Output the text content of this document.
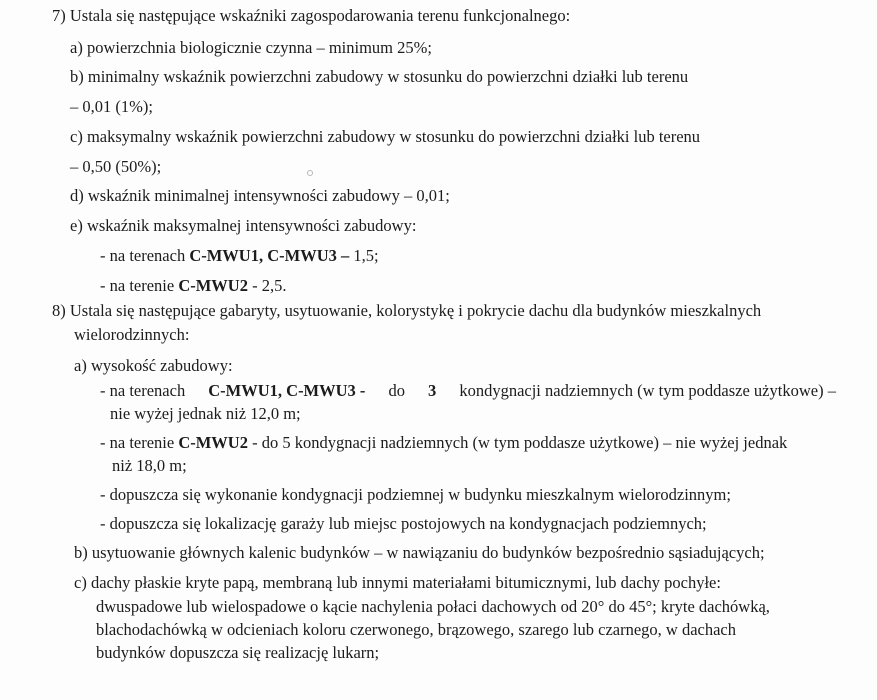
7) Ustala się następujące wskaźniki zagospodarowania terenu funkcjonalnego:

a) powierzchnia biologicznie czynna – minimum 25%;

b) minimalny wskaźnik powierzchni zabudowy w stosunku do powierzchni działki lub terenu

– 0,01 (1%);

c) maksymalny wskaźnik powierzchni zabudowy w stosunku do powierzchni działki lub terenu

– 0,50 (50%);

d) wskaźnik minimalnej intensywności zabudowy – 0,01;

e) wskaźnik maksymalnej intensywności zabudowy:

- na terenach C-MWU1, C-MWU3 – 1,5;

- na terenie C-MWU2 - 2,5.

8) Ustala się następujące gabaryty, usytuowanie, kolorystykę i pokrycie dachu dla budynków mieszkalnych

wielorodzinnych:

a) wysokość zabudowy:

- na terenach C-MWU1, C-MWU3 - do 3 kondygnacji nadziemnych (w tym poddasze użytkowe) –

nie wyżej jednak niż 12,0 m;

- na terenie C-MWU2 - do 5 kondygnacji nadziemnych (w tym poddasze użytkowe) – nie wyżej jednak

niż 18,0 m;

- dopuszcza się wykonanie kondygnacji podziemnej w budynku mieszkalnym wielorodzinnym;

- dopuszcza się lokalizację garaży lub miejsc postojowych na kondygnacjach podziemnych;

b) usytuowanie głównych kalenic budynków – w nawiązaniu do budynków bezpośrednio sąsiadujących;

c) dachy płaskie kryte papą, membraną lub innymi materiałami bitumicznymi, lub dachy pochyłe:

dwuspadowe lub wielospadowe o kącie nachylenia połaci dachowych od 20° do 45°; kryte dachówką,

blachodachówką w odcieniach koloru czerwonego, brązowego, szarego lub czarnego, w dachach

budynków dopuszcza się realizację lukarn;
